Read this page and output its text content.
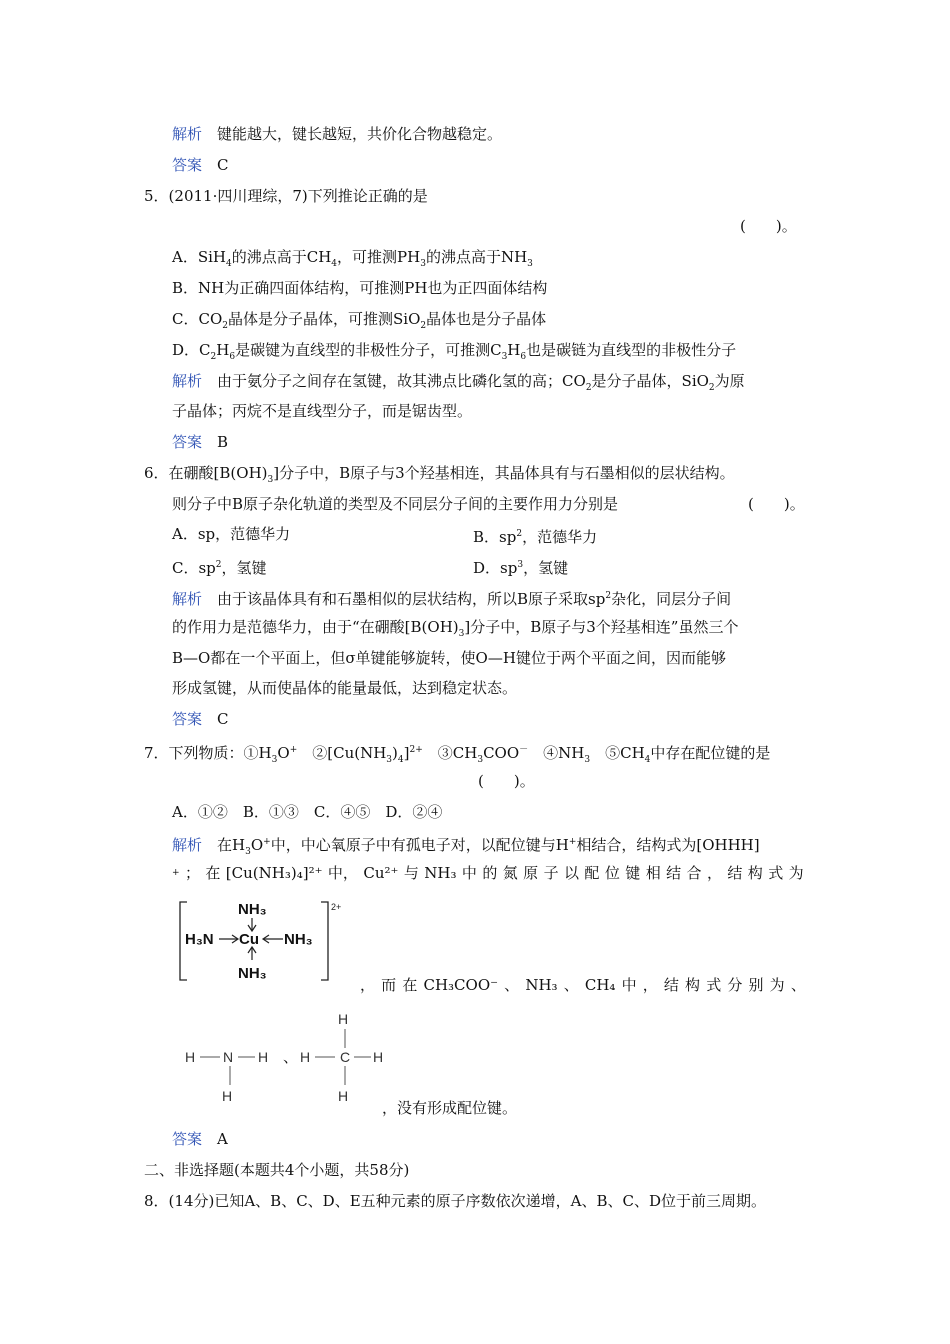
解析　 键能越大，键长越短，共价化合物越稳定。
答案　 C
5．(2011·四川理综，7)下列推论正确的是
(　　)。
A．SiH$_4$的沸点高于$CH_4$，可推测$PH_3$的沸点高于$NH_3$
B．NH为正确四面体结构，可推测PH也为正四面体结构
C．$CO_2$晶体是分子晶体，可推测SiO$_2$晶体也是分子晶体
D．$C_2H_6$是碳键为直线型的非极性分子，可推测$C_3H_6$也是碳链为直线型的非极性分子
解析　 由于氨分子之间存在氢键，故其沸点比磷化氢的高；$CO_2$是分子晶体，SiO$_2$为原
子晶体；丙烷不是直线型分子，而是锯齿型。
答案　 B
6．在硼酸$[B(OH)_3]$分子中，B原子与3个羟基相连，其晶体具有与石墨相似的层状结构。
则分子中B原子杂化轨道的类型及不同层分子间的主要作用力分别是	(　　)。
A．sp，范德华力	B．$sp^2$，范德华力
C．$sp^2$，氢键	D．$sp^3$，氢键
解析　 由于该晶体具有和石墨相似的层状结构，所以B原子采取$sp^2$杂化，同层分子间
的作用力是范德华力，由于“在硼酸$[B(OH)_3]$分子中，B原子与3个羟基相连”虽然三个
B—O都在一个平面上，但σ单键能够旋转，使O—H键位于两个平面之间，因而能够
形成氢键，从而使晶体的能量最低，达到稳定状态。
答案　 C
7．下列物质：$①H_3O^+$　$②[Cu(NH_3)_4]^{2+}$　$③CH_3COO^-$　$④NH_3$　$⑤CH_4$中存在配位键的是
(　　)。
A．①②　B．①③　C．④⑤　D．②④
解析　 在$H_3O^+$中，中心氧原子中有孤电子对，以配位键与H+相结合，结构式为[OHHH]
+ ； 在 [Cu(NH₃)₄]²⁺ 中， Cu²⁺ 与 NH₃ 中 的 氮 原 子 以 配 位 键 相 结 合 ， 结 构 式 为
2+
NH₃
H₃N Cu NH₃
NH₃
， 而 在 CH₃COO⁻ 、 NH₃ 、 CH₄ 中 ， 结 构 式 分 别 为 、
H N H
H
、
H
H C H
H
，没有形成配位键。
答案　 A
二、非选择题(本题共4个小题，共58分)
8．(14分)已知A、B、C、D、E五种元素的原子序数依次递增，A、B、C、D位于前三周期。
